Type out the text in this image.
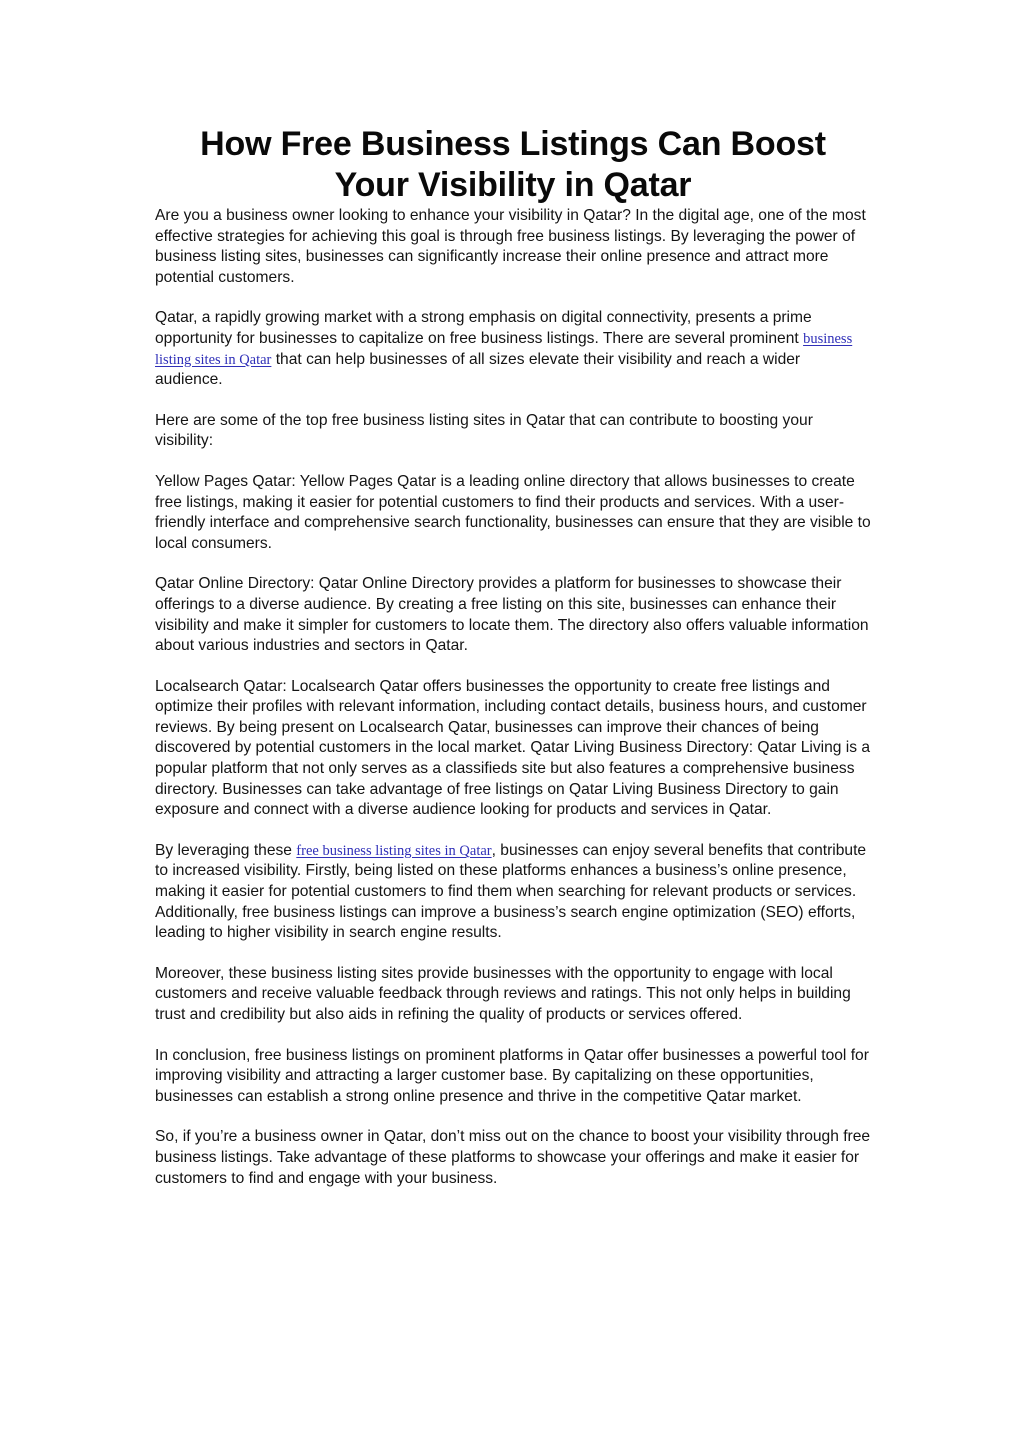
How Free Business Listings Can Boost
Your Visibility in Qatar

Are you a business owner looking to enhance your visibility in Qatar? In the digital age, one of the most effective strategies for achieving this goal is through free business listings. By leveraging the power of business listing sites, businesses can significantly increase their online presence and attract more potential customers.

Qatar, a rapidly growing market with a strong emphasis on digital connectivity, presents a prime opportunity for businesses to capitalize on free business listings. There are several prominent business listing sites in Qatar that can help businesses of all sizes elevate their visibility and reach a wider audience.

Here are some of the top free business listing sites in Qatar that can contribute to boosting your visibility:

Yellow Pages Qatar: Yellow Pages Qatar is a leading online directory that allows businesses to create free listings, making it easier for potential customers to find their products and services. With a user-friendly interface and comprehensive search functionality, businesses can ensure that they are visible to local consumers.

Qatar Online Directory: Qatar Online Directory provides a platform for businesses to showcase their offerings to a diverse audience. By creating a free listing on this site, businesses can enhance their visibility and make it simpler for customers to locate them. The directory also offers valuable information about various industries and sectors in Qatar.

Localsearch Qatar: Localsearch Qatar offers businesses the opportunity to create free listings and optimize their profiles with relevant information, including contact details, business hours, and customer reviews. By being present on Localsearch Qatar, businesses can improve their chances of being discovered by potential customers in the local market. Qatar Living Business Directory: Qatar Living is a popular platform that not only serves as a classifieds site but also features a comprehensive business directory. Businesses can take advantage of free listings on Qatar Living Business Directory to gain exposure and connect with a diverse audience looking for products and services in Qatar.

By leveraging these free business listing sites in Qatar, businesses can enjoy several benefits that contribute to increased visibility. Firstly, being listed on these platforms enhances a business’s online presence, making it easier for potential customers to find them when searching for relevant products or services. Additionally, free business listings can improve a business’s search engine optimization (SEO) efforts, leading to higher visibility in search engine results.

Moreover, these business listing sites provide businesses with the opportunity to engage with local customers and receive valuable feedback through reviews and ratings. This not only helps in building trust and credibility but also aids in refining the quality of products or services offered.

In conclusion, free business listings on prominent platforms in Qatar offer businesses a powerful tool for improving visibility and attracting a larger customer base. By capitalizing on these opportunities, businesses can establish a strong online presence and thrive in the competitive Qatar market.

So, if you’re a business owner in Qatar, don’t miss out on the chance to boost your visibility through free business listings. Take advantage of these platforms to showcase your offerings and make it easier for customers to find and engage with your business.
